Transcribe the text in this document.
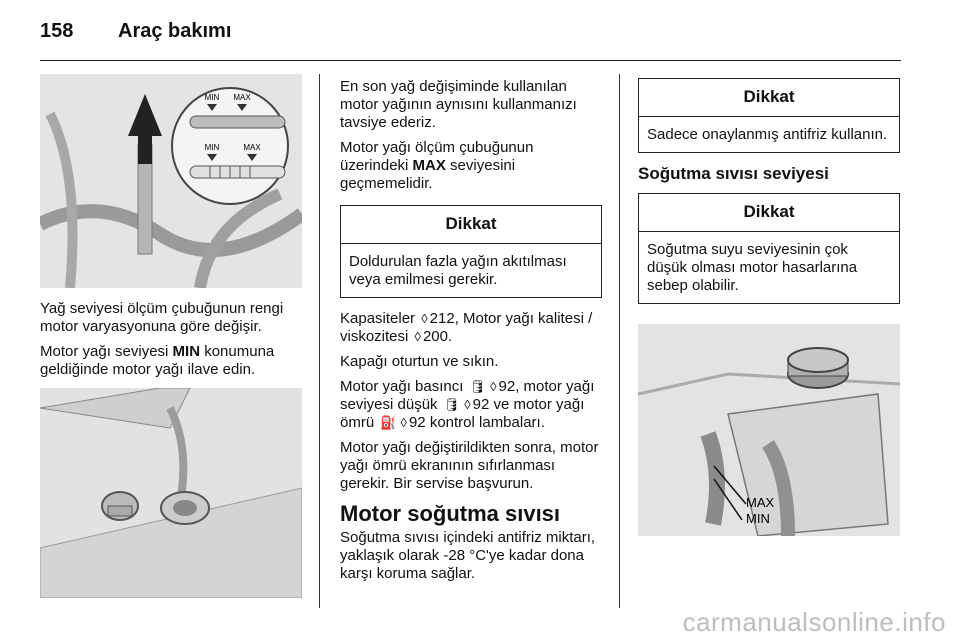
158 Araç bakımı
MIN MAX
MIN	MAX

Yağ seviyesi ölçüm çubuğunun rengi motor varyasyonuna göre değişir.

Motor yağı seviyesi MIN konumuna geldiğinde motor yağı ilave edin.

En son yağ değişiminde kullanılan motor yağının aynısını kullanmanızı tavsiye ederiz.

Motor yağı ölçüm çubuğunun üzerindeki MAX seviyesini geçmemelidir.

Dikkat
Doldurulan fazla yağın akıtılması veya emilmesi gerekir.

Kapasiteler ◊ 212, Motor yağı kalitesi / viskozitesi ◊ 200.

Kapağı oturtun ve sıkın.

Motor yağı basıncı 🛢 ◊ 92, motor yağı seviyesi düşük 🛢 ◊ 92 ve motor yağı ömrü ⛽ ◊ 92 kontrol lambaları.

Motor yağı değiştirildikten sonra, motor yağı ömrü ekranının sıfırlanması gerekir. Bir servise başvurun.

Motor soğutma sıvısı

Soğutma sıvısı içindeki antifriz miktarı, yaklaşık olarak -28 °C'ye kadar dona karşı koruma sağlar.

Dikkat
Sadece onaylanmış antifriz kullanın.
Soğutma sıvısı seviyesi
Dikkat
Soğutma suyu seviyesinin çok düşük olması motor hasarlarına sebep olabilir.
MAX
MIN
carmanualsonline.info
